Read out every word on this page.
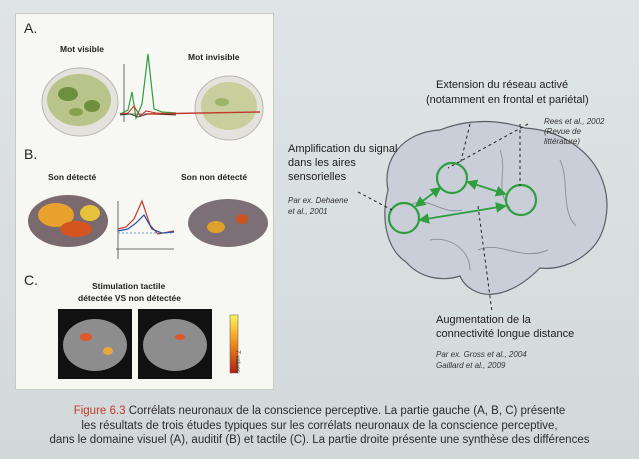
A.
Mot visible
Mot invisible
B.
Son détecté	Son non détecté
C.	Stimulation tactile
détectée VS non détectée
T values
Extension du réseau activé
(notamment en frontal et pariétal)
Rees et al., 2002
(Revue de
littérature)
Amplification du signal
dans les aires
sensorielles
Par ex. Dehaene
et al., 2001
Augmentation de la
connectivité longue distance
Par ex. Gross et al., 2004
Gaillard et al., 2009
Figure 6.3 Corrélats neuronaux de la conscience perceptive. La partie gauche (A, B, C) présente
les résultats de trois études typiques sur les corrélats neuronaux de la conscience perceptive,
dans le domaine visuel (A), auditif (B) et tactile (C). La partie droite présente une synthèse des différences
